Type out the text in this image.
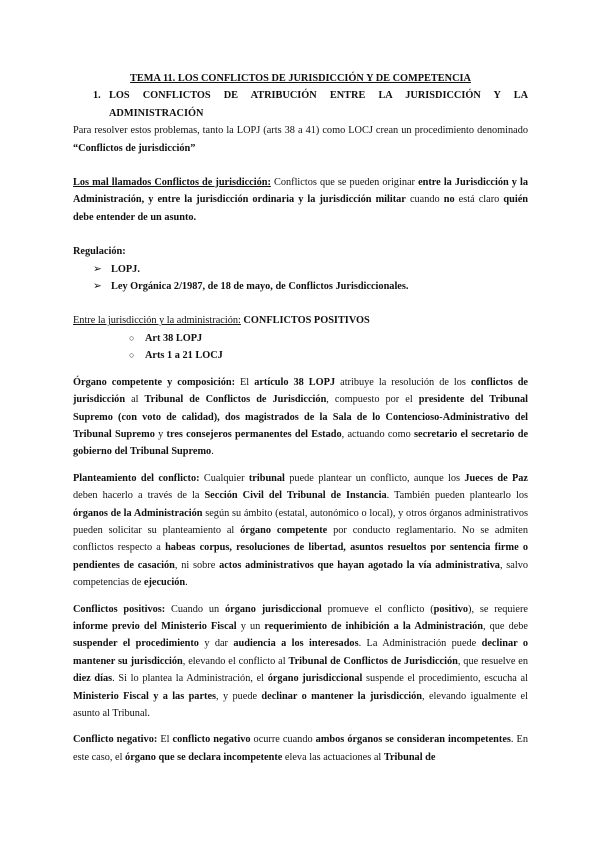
TEMA 11. LOS CONFLICTOS DE JURISDICCIÓN Y DE COMPETENCIA

1. LOS CONFLICTOS DE ATRIBUCIÓN ENTRE LA JURISDICCIÓN Y LA ADMINISTRACIÓN

Para resolver estos problemas, tanto la LOPJ (arts 38 a 41) como LOCJ crean un procedimiento denominado “Conflictos de jurisdicción”

Los mal llamados Conflictos de jurisdicción: Conflictos que se pueden originar entre la Jurisdicción y la Administración, y entre la jurisdicción ordinaria y la jurisdicción militar cuando no está claro quién debe entender de un asunto.

Regulación:

➢ LOPJ.
➢ Ley Orgánica 2/1987, de 18 de mayo, de Conflictos Jurisdiccionales.

Entre la jurisdicción y la administración: CONFLICTOS POSITIVOS

○	Art 38 LOPJ
○	Arts 1 a 21 LOCJ

Órgano competente y composición: El artículo 38 LOPJ atribuye la resolución de los conflictos de jurisdicción al Tribunal de Conflictos de Jurisdicción, compuesto por el presidente del Tribunal Supremo (con voto de calidad), dos magistrados de la Sala de lo Contencioso-Administrativo del Tribunal Supremo y tres consejeros permanentes del Estado, actuando como secretario el secretario de gobierno del Tribunal Supremo.

Planteamiento del conflicto: Cualquier tribunal puede plantear un conflicto, aunque los Jueces de Paz deben hacerlo a través de la Sección Civil del Tribunal de Instancia. También pueden plantearlo los órganos de la Administración según su ámbito (estatal, autonómico o local), y otros órganos administrativos pueden solicitar su planteamiento al órgano competente por conducto reglamentario. No se admiten conflictos respecto a habeas corpus, resoluciones de libertad, asuntos resueltos por sentencia firme o pendientes de casación, ni sobre actos administrativos que hayan agotado la vía administrativa, salvo competencias de ejecución.

Conflictos positivos: Cuando un órgano jurisdiccional promueve el conflicto (positivo), se requiere informe previo del Ministerio Fiscal y un requerimiento de inhibición a la Administración, que debe suspender el procedimiento y dar audiencia a los interesados. La Administración puede declinar o mantener su jurisdicción, elevando el conflicto al Tribunal de Conflictos de Jurisdicción, que resuelve en diez días. Si lo plantea la Administración, el órgano jurisdiccional suspende el procedimiento, escucha al Ministerio Fiscal y a las partes, y puede declinar o mantener la jurisdicción, elevando igualmente el asunto al Tribunal.

Conflicto negativo: El conflicto negativo ocurre cuando ambos órganos se consideran incompetentes. En este caso, el órgano que se declara incompetente eleva las actuaciones al Tribunal de
